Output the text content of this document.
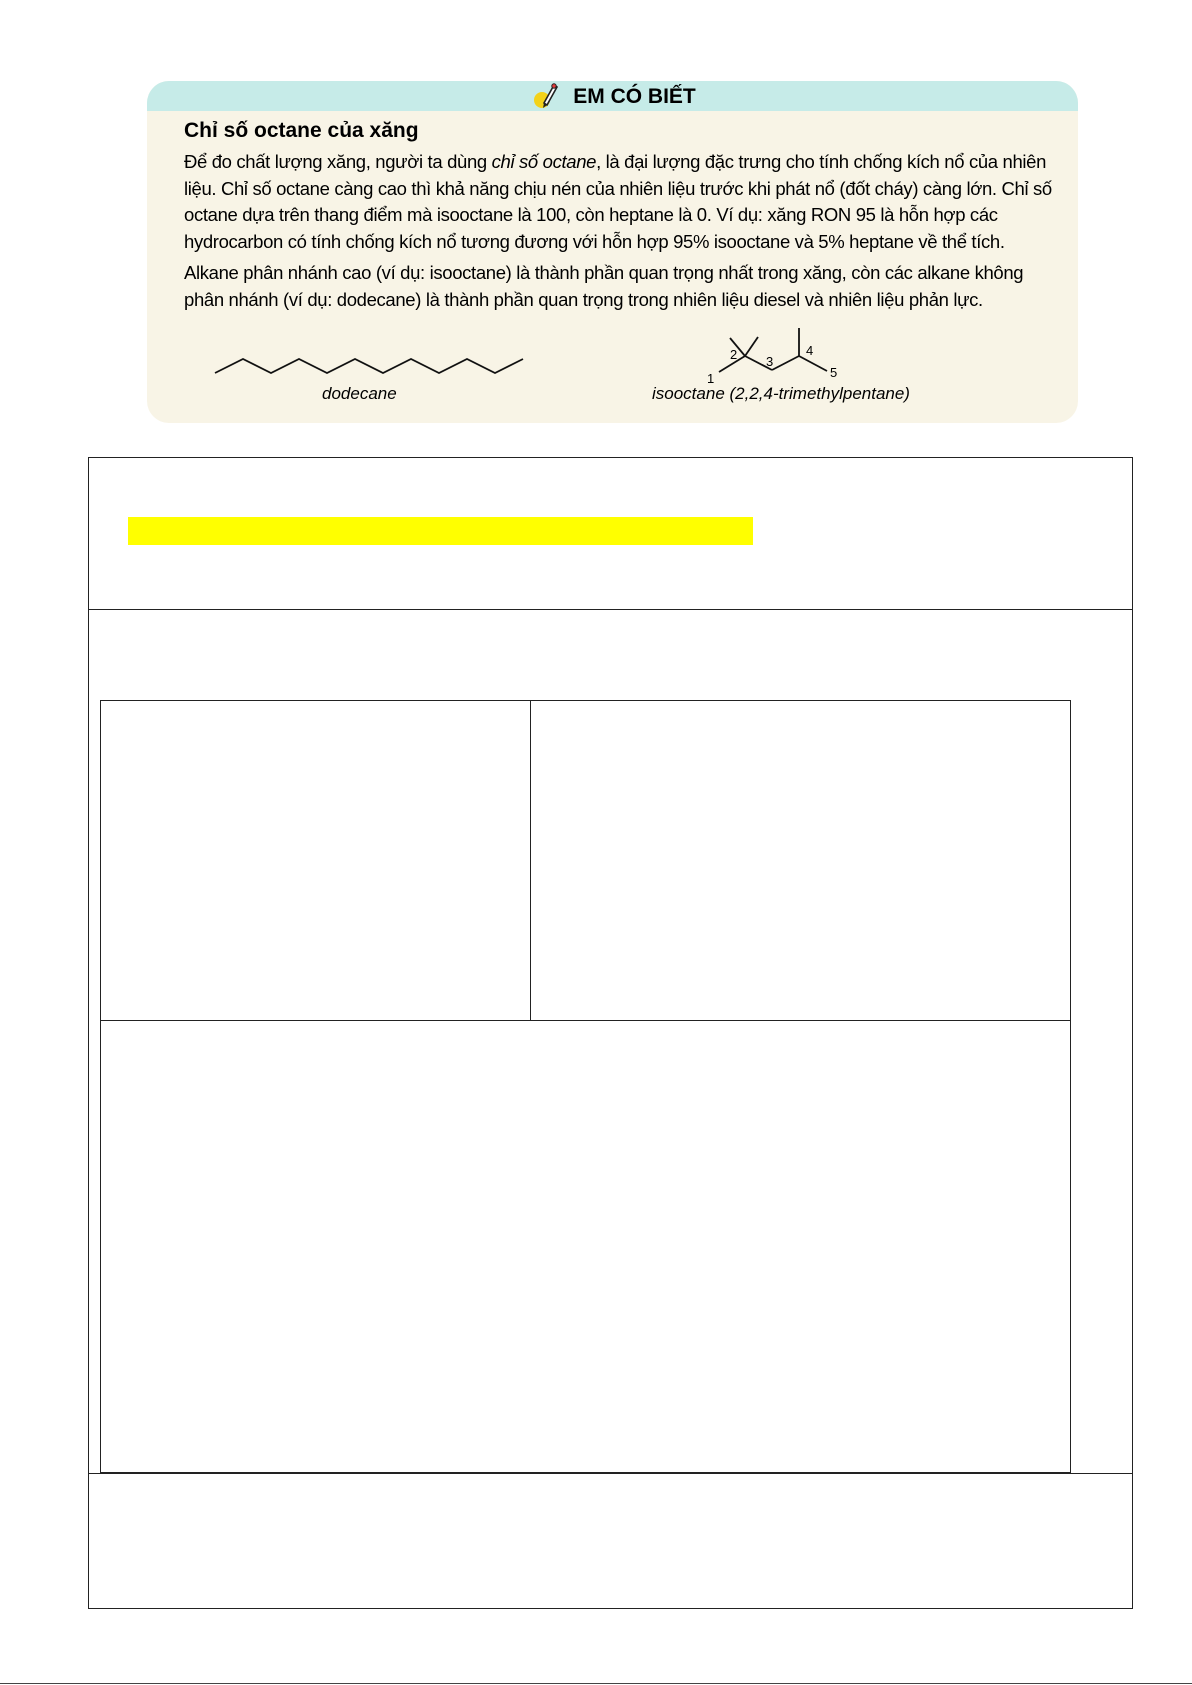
EM CÓ BIẾT
Chỉ số octane của xăng
Để đo chất lượng xăng, người ta dùng chỉ số octane, là đại lượng đặc trưng cho tính chống kích nổ của nhiên liệu. Chỉ số octane càng cao thì khả năng chịu nén của nhiên liệu trước khi phát nổ (đốt cháy) càng lớn. Chỉ số octane dựa trên thang điểm mà isooctane là 100, còn heptane là 0. Ví dụ: xăng RON 95 là hỗn hợp các hydrocarbon có tính chống kích nổ tương đương với hỗn hợp 95% isooctane và 5% heptane về thể tích.
Alkane phân nhánh cao (ví dụ: isooctane) là thành phần quan trọng nhất trong xăng, còn các alkane không phân nhánh (ví dụ: dodecane) là thành phần quan trọng trong nhiên liệu diesel và nhiên liệu phản lực.
dodecane	isooctane (2,2,4-trimethylpentane)
1
2 3
4
5
